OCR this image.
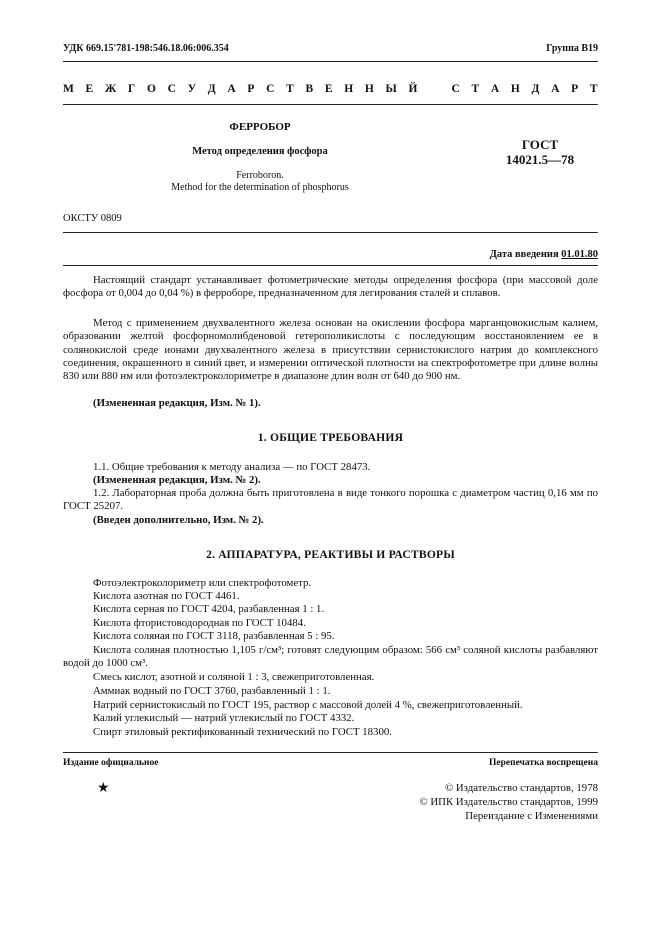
УДК 669.15'781-198:546.18.06:006.354	Группа В19
М Е Ж Г О С У Д А Р С Т В Е Н Н Ы Й   С Т А Н Д А Р Т
ФЕРРОБОР
Метод определения фосфора
Ferroboron.
Method for the determination of phosphorus
ГОСТ
14021.5—78
ОКСТУ 0809
Дата введения 01.01.80
Настоящий стандарт устанавливает фотометрические методы определения фосфора (при массовой доле фосфора от 0,004 до 0,04 %) в ферроборе, предназначенном для легирования сталей и сплавов.
Метод с применением двухвалентного железа основан на окислении фосфора марганцовокислым калием, образовании желтой фосфорномолибденовой гетерополикислоты с последующим восстановлением ее в солянокислой среде ионами двухвалентного железа в присутствии сернистокислого натрия до комплексного соединения, окрашенного в синий цвет, и измерении оптической плотности на спектрофотометре при длине волны 830 или 880 нм или фотоэлектроколориметре в диапазоне длин волн от 640 до 900 нм.
(Измененная редакция, Изм. № 1).
1. ОБЩИЕ ТРЕБОВАНИЯ
1.1. Общие требования к методу анализа — по ГОСТ 28473.
(Измененная редакция, Изм. № 2).
1.2. Лабораторная проба должна быть приготовлена в виде тонкого порошка с диаметром частиц 0,16 мм по ГОСТ 25207.
(Введен дополнительно, Изм. № 2).
2. АППАРАТУРА, РЕАКТИВЫ И РАСТВОРЫ
Фотоэлектроколориметр или спектрофотометр.
Кислота азотная по ГОСТ 4461.
Кислота серная по ГОСТ 4204, разбавленная 1 : 1.
Кислота фтористоводородная по ГОСТ 10484.
Кислота соляная по ГОСТ 3118, разбавленная 5 : 95.
Кислота соляная плотностью 1,105 г/см³; готовят следующим образом: 566 см³ соляной кислоты разбавляют водой до 1000 см³.
Смесь кислот, азотной и соляной 1 : 3, свежеприготовленная.
Аммиак водный по ГОСТ 3760, разбавленный 1 : 1.
Натрий сернистокислый по ГОСТ 195, раствор с массовой долей 4 %, свежеприготовленный.
Калий углекислый — натрий углекислый по ГОСТ 4332.
Спирт этиловый ректификованный технический по ГОСТ 18300.
Издание официальное	Перепечатка воспрещена
★	© Издательство стандартов, 1978
© ИПК Издательство стандартов, 1999
Переиздание с Изменениями
